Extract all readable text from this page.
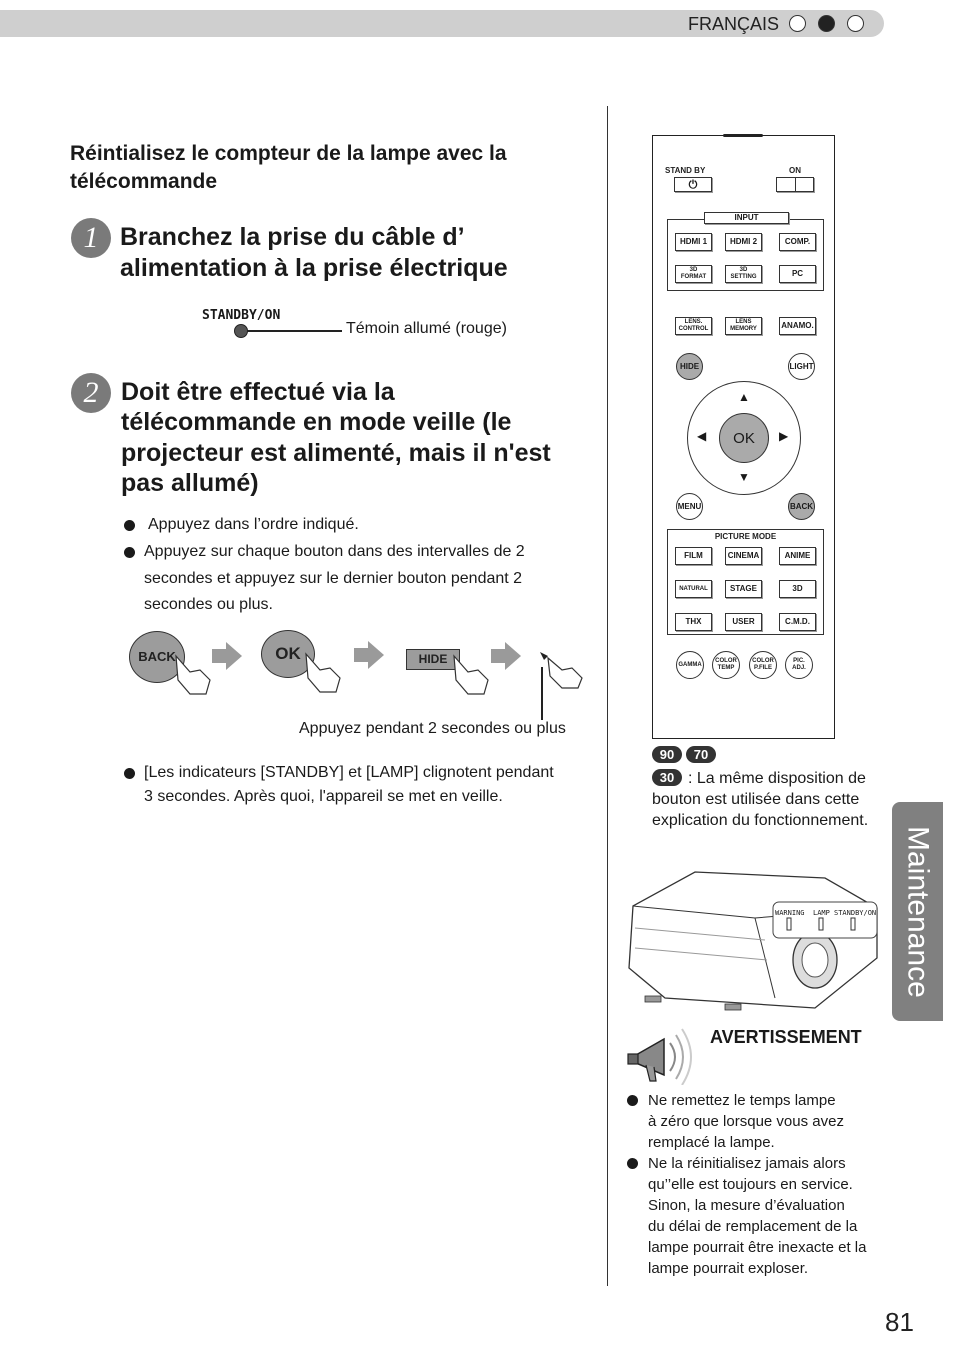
FRANÇAIS
Réintialisez le compteur de la lampe avec la télécommande
1 Branchez la prise du câble d’
alimentation à la prise électrique
STANDBY/ON
Témoin allumé (rouge)
2 Doit être effectué via la
télécommande en mode veille (le
projecteur est alimenté, mais il n'est
pas allumé)
Appuyez dans l’ordre indiqué.
Appuyez sur chaque bouton dans des intervalles de 2
secondes et appuyez sur le dernier bouton pendant 2
secondes ou plus.
BACK	OK	HIDE
Appuyez pendant 2 secondes ou plus
[Les indicateurs [STANDBY] et [LAMP] clignotent pendant
3 secondes. Après quoi, l'appareil se met en veille.
STAND BY	ON
⏻
INPUT
HDMI 1	HDMI 2	COMP.
3D
FORMAT
3D
SETTING	PC
LENS.
CONTROL
LENS
MEMORY	ANAMO.
HIDE	LIGHT
OK
▲
▼
◀	▶
MENU	BACK
PICTURE MODE
FILM	CINEMA	ANIME
NATURAL	STAGE	3D
THX	USER	C.M.D.
GAMMA
COLOR
TEMP
COLOR
P.FILE
PIC.
ADJ.
90	70
30 : La même disposition de bouton est utilisée dans cette explication du fonctionnement.
WARNING LAMP STANDBY/ON Maintenance
AVERTISSEMENT
Ne remettez le temps lampe
à zéro que lorsque vous avez
remplacé la lampe.
Ne la réinitialisez jamais alors
qu’’elle est toujours en service.
Sinon, la mesure d’évaluation
du délai de remplacement de la
lampe pourrait être inexacte et la
lampe pourrait exploser.
81
